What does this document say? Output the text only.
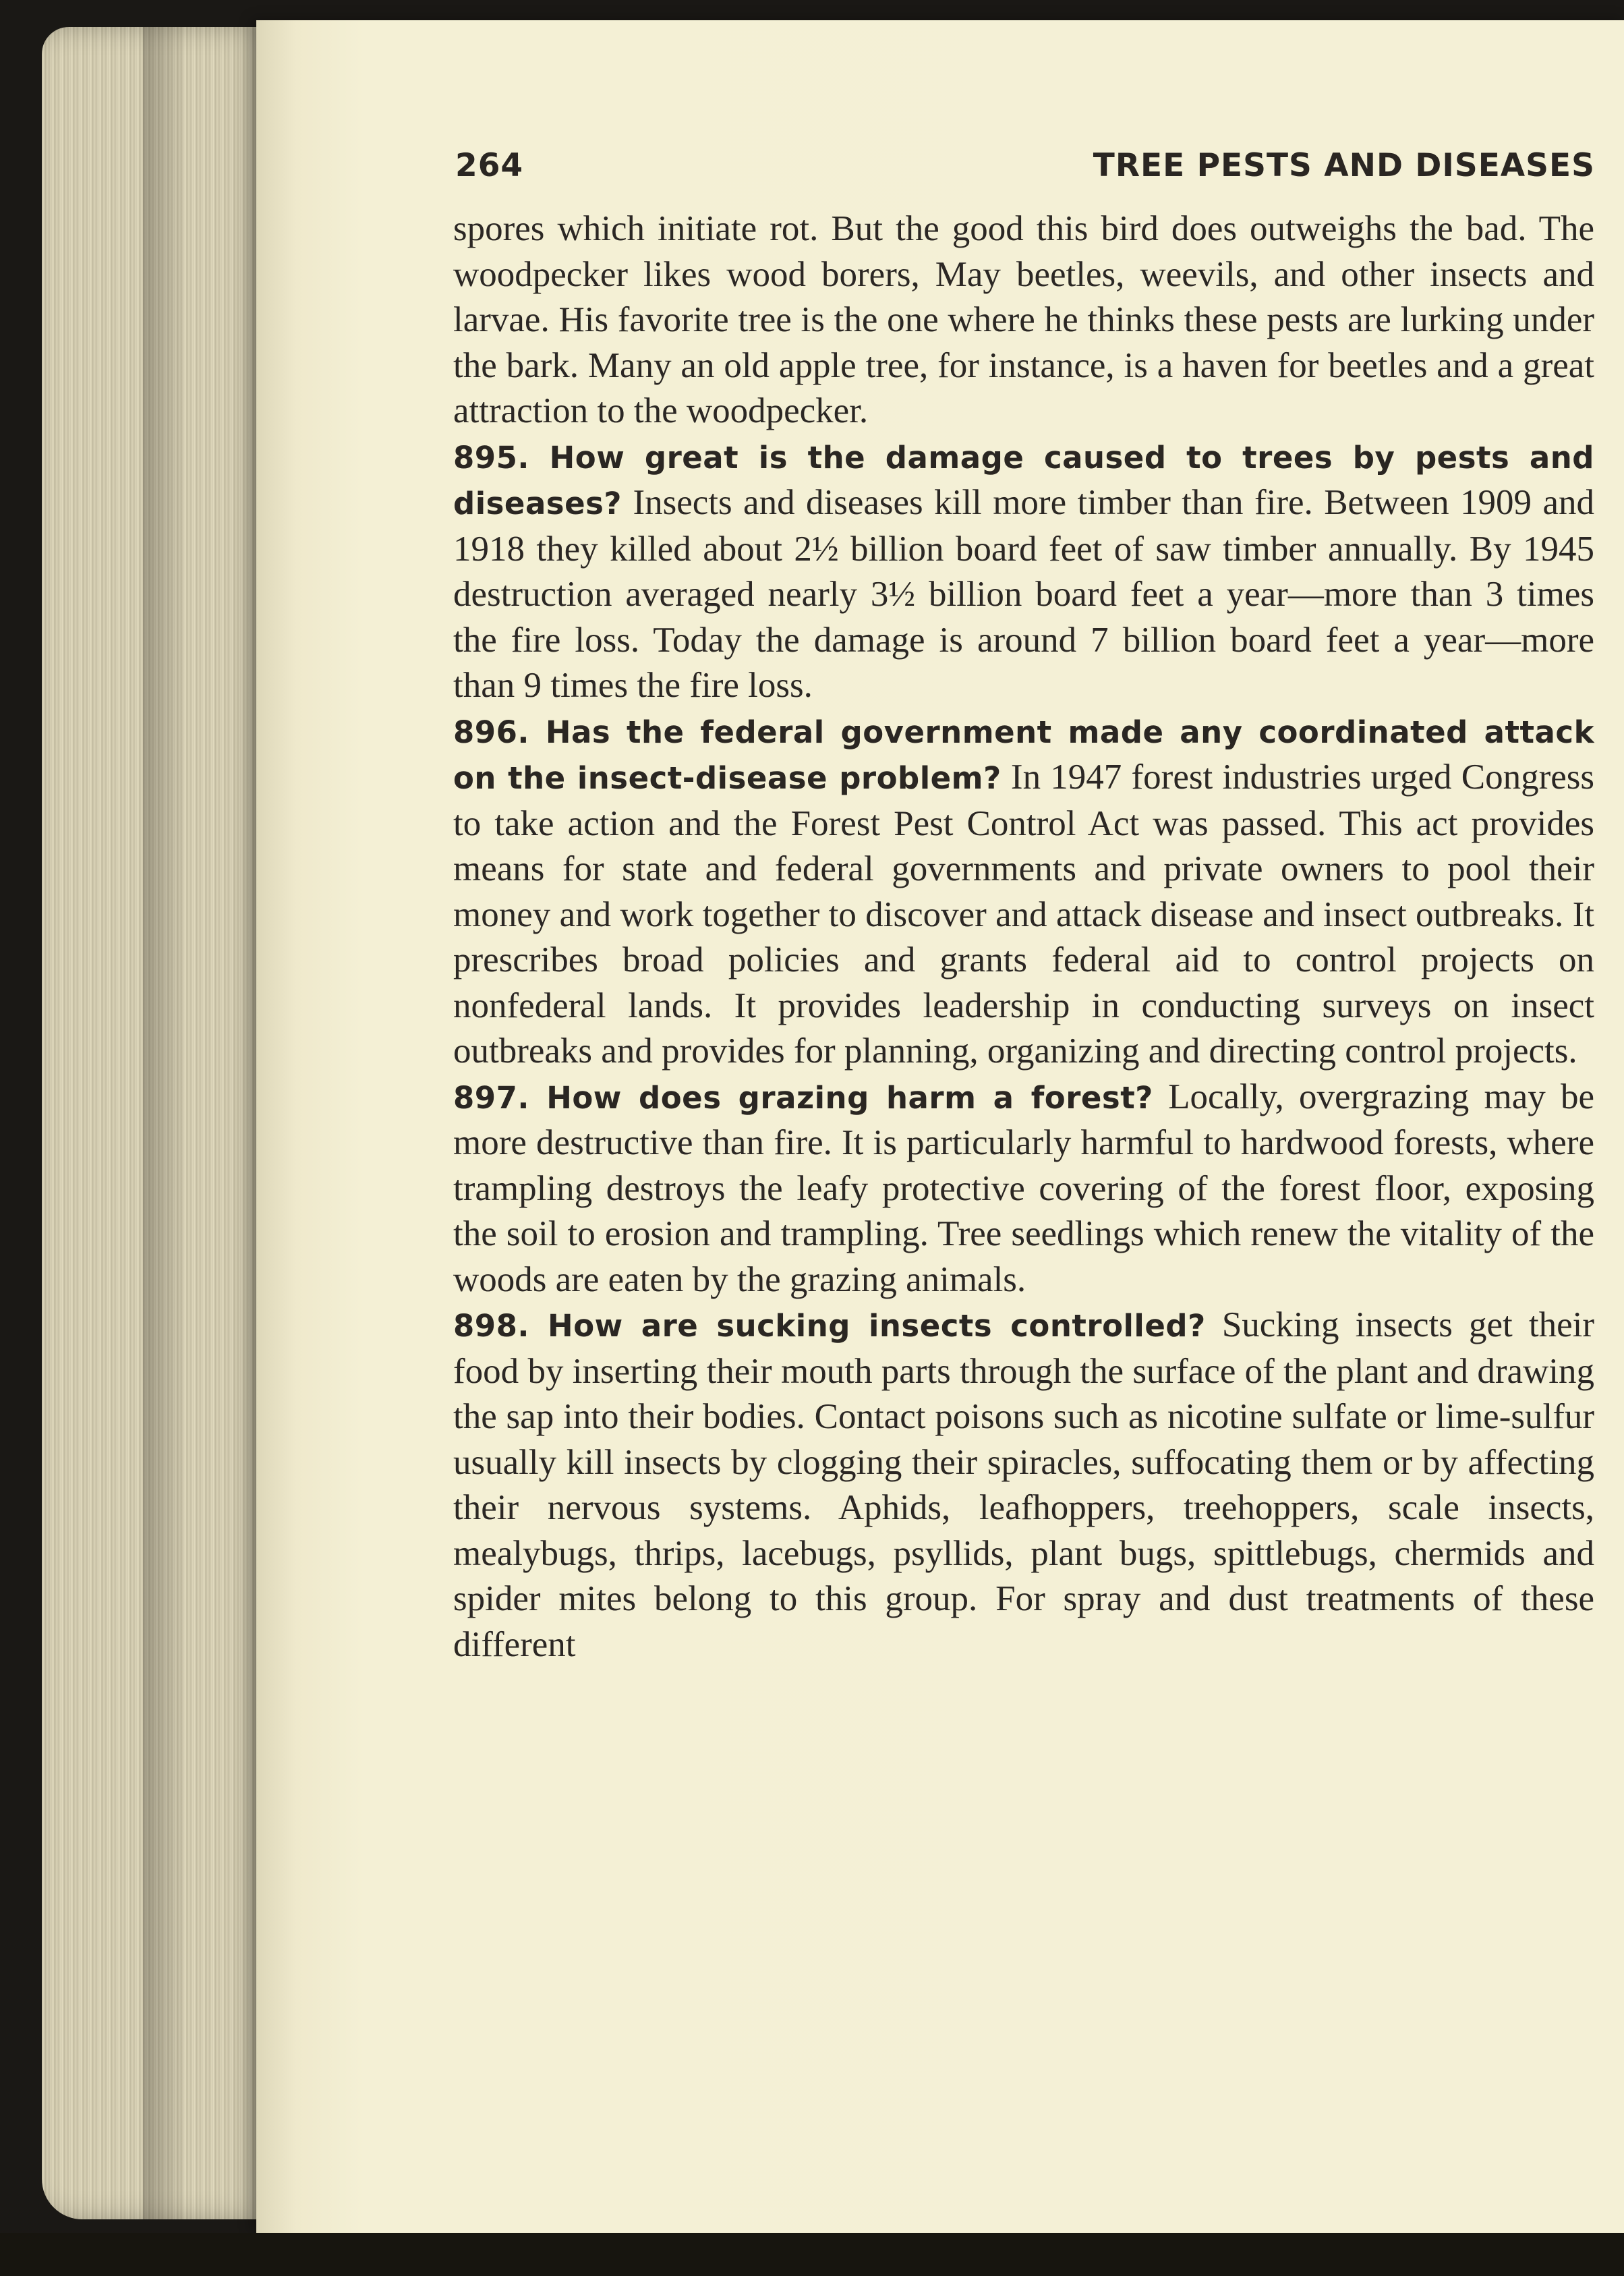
264	TREE PESTS AND DISEASES

spores which initiate rot. But the good this bird does outweighs the bad. The woodpecker likes wood borers, May beetles, weevils, and other insects and larvae. His favorite tree is the one where he thinks these pests are lurking under the bark. Many an old apple tree, for instance, is a haven for beetles and a great attraction to the woodpecker.

895. How great is the damage caused to trees by pests and diseases? Insects and diseases kill more timber than fire. Between 1909 and 1918 they killed about 2½ billion board feet of saw timber annually. By 1945 destruction averaged nearly 3½ billion board feet a year—more than 3 times the fire loss. Today the damage is around 7 billion board feet a year—more than 9 times the fire loss.

896. Has the federal government made any coordinated attack on the insect-disease problem? In 1947 forest industries urged Congress to take action and the Forest Pest Control Act was passed. This act provides means for state and federal governments and private owners to pool their money and work together to discover and attack disease and insect outbreaks. It prescribes broad policies and grants federal aid to control projects on nonfederal lands. It provides leadership in conducting surveys on insect outbreaks and provides for planning, organizing and directing control projects.

897. How does grazing harm a forest? Locally, overgrazing may be more destructive than fire. It is particularly harmful to hardwood forests, where trampling destroys the leafy protective covering of the forest floor, exposing the soil to erosion and trampling. Tree seedlings which renew the vitality of the woods are eaten by the grazing animals.

898. How are sucking insects controlled? Sucking insects get their food by inserting their mouth parts through the surface of the plant and drawing the sap into their bodies. Contact poisons such as nicotine sulfate or lime-sulfur usually kill insects by clogging their spiracles, suffocating them or by affecting their nervous systems. Aphids, leafhoppers, treehoppers, scale insects, mealybugs, thrips, lacebugs, psyllids, plant bugs, spittlebugs, chermids and spider mites belong to this group. For spray and dust treatments of these different
